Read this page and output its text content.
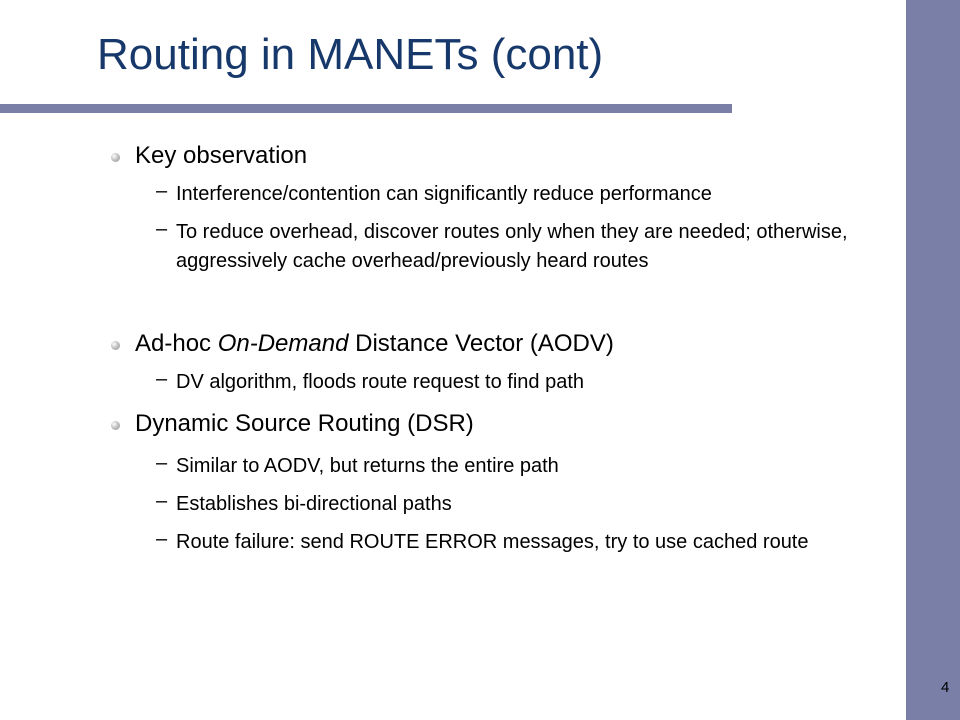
Routing in MANETs (cont)
Key observation
– Interference/contention can significantly reduce performance
– To reduce overhead, discover routes only when they are needed; otherwise, aggressively cache overhead/previously heard routes
Ad-hoc On-Demand Distance Vector (AODV)
– DV algorithm, floods route request to find path
Dynamic Source Routing (DSR)
– Similar to AODV, but returns the entire path
– Establishes bi-directional paths
– Route failure: send ROUTE ERROR messages, try to use cached route
4
